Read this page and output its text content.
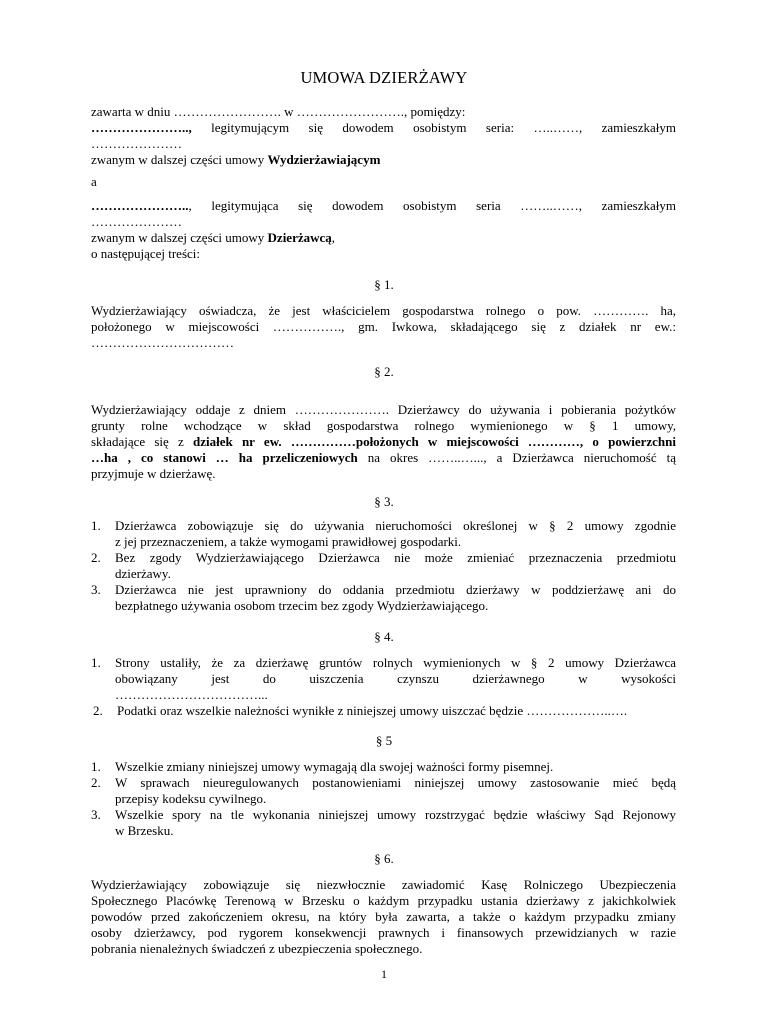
UMOWA DZIERŻAWY
zawarta w dniu ……………………. w ……………………., pomiędzy:
………………….., legitymującym się dowodem osobistym seria: …..……, zamieszkałym
…………………
zwanym w dalszej części umowy Wydzierżawiającym
a
………………….., legitymująca się dowodem osobistym seria ……..……, zamieszkałym
…………………
zwanym w dalszej części umowy Dzierżawcą,
o następującej treści:
§ 1.
Wydzierżawiający oświadcza, że jest właścicielem gospodarstwa rolnego o pow. …………. ha,
położonego w miejscowości ……………., gm. Iwkowa, składającego się z działek nr ew.:
……………………………
§ 2.
Wydzierżawiający oddaje z dniem …………………. Dzierżawcy do używania i pobierania pożytków
grunty rolne wchodzące w skład gospodarstwa rolnego wymienionego w § 1 umowy,
składające się z działek nr ew. ……………położonych w miejscowości …………, o powierzchni
…ha , co stanowi … ha przeliczeniowych na okres ……..…..., a Dzierżawca nieruchomość tą
przyjmuje w dzierżawę.
§ 3.
1. Dzierżawca zobowiązuje się do używania nieruchomości określonej w § 2 umowy zgodnie
z jej przeznaczeniem, a także wymogami prawidłowej gospodarki.
2. Bez zgody Wydzierżawiającego Dzierżawca nie może zmieniać przeznaczenia przedmiotu
dzierżawy.
3. Dzierżawca nie jest uprawniony do oddania przedmiotu dzierżawy w poddzierżawę ani do
bezpłatnego używania osobom trzecim bez zgody Wydzierżawiającego.
§ 4.
1. Strony ustaliły, że za dzierżawę gruntów rolnych wymienionych w § 2 umowy Dzierżawca
obowiązany jest do uiszczenia czynszu dzierżawnego w wysokości
……………………………...
2. Podatki oraz wszelkie należności wynikłe z niniejszej umowy uiszczać będzie ………………..….
§ 5
1. Wszelkie zmiany niniejszej umowy wymagają dla swojej ważności formy pisemnej.
2. W sprawach nieuregulowanych postanowieniami niniejszej umowy zastosowanie mieć będą
przepisy kodeksu cywilnego.
3. Wszelkie spory na tle wykonania niniejszej umowy rozstrzygać będzie właściwy Sąd Rejonowy
w Brzesku.
§ 6.
Wydzierżawiający zobowiązuje się niezwłocznie zawiadomić Kasę Rolniczego Ubezpieczenia
Społecznego Placówkę Terenową w Brzesku o każdym przypadku ustania dzierżawy z jakichkolwiek
powodów przed zakończeniem okresu, na który była zawarta, a także o każdym przypadku zmiany
osoby dzierżawcy, pod rygorem konsekwencji prawnych i finansowych przewidzianych w razie
pobrania nienależnych świadczeń z ubezpieczenia społecznego.
1
